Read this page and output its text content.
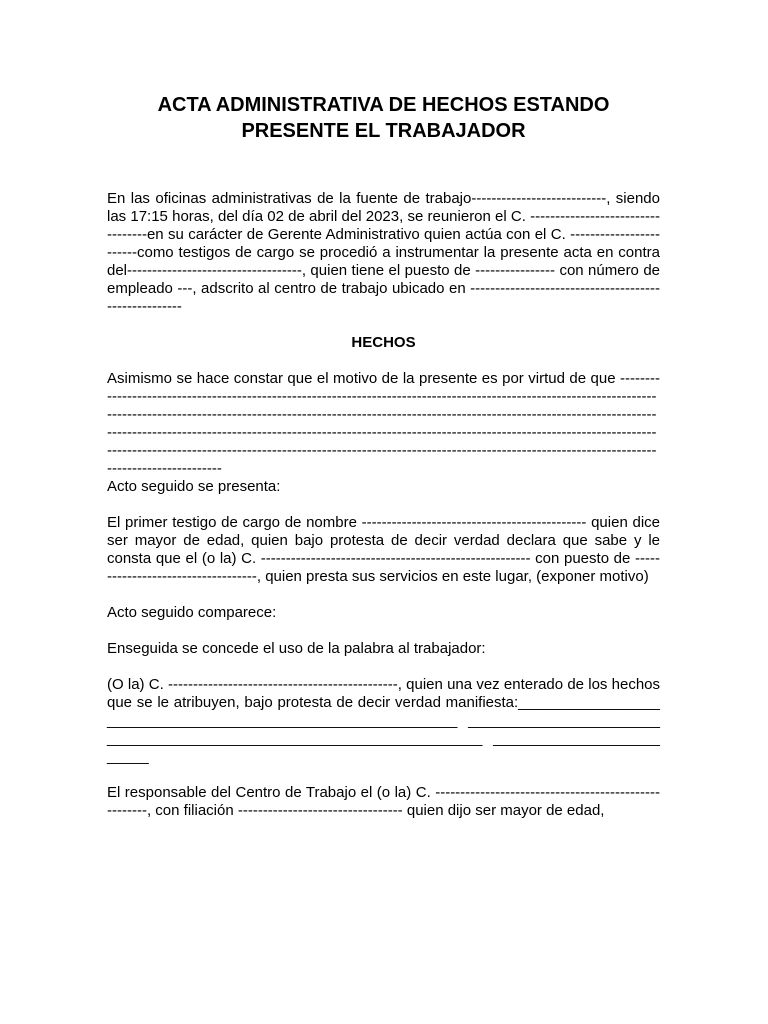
ACTA ADMINISTRATIVA DE HECHOS ESTANDO PRESENTE EL TRABAJADOR

En las oficinas administrativas de la fuente de trabajo---------------------------, siendo las 17:15 horas, del día 02 de abril del 2023, se reunieron el C. ----------------------------------en su carácter de Gerente Administrativo quien actúa con el C. ------------------------como testigos de cargo se procedió a instrumentar la presente acta en contra del-----------------------------------, quien tiene el puesto de ---------------- con número de empleado ---, adscrito al centro de trabajo ubicado en -----------------------------------------------------

HECHOS

Asimismo se hace constar que el motivo de la presente es por virtud de que ---------------------------------------------------------------------------------------------------------------------------------------------------------------------------------------------------------------------------------------------------------------------------------------------------------------------------------------------------------------------------------------------------------------------------------------------------------------------------------------

Acto seguido se presenta:

El primer testigo de cargo de nombre --------------------------------------------- quien dice ser mayor de edad, quien bajo protesta de decir verdad declara que sabe y le consta que el (o la) C. ------------------------------------------------------ con puesto de -----------------------------------, quien presta sus servicios en este lugar, (exponer motivo)

Acto seguido comparece:

Enseguida se concede el uso de la palabra al trabajador:

(O la) C. ----------------------------------------------, quien una vez enterado de los hechos que se le atribuyen, bajo protesta de decir verdad manifiesta:___________________________________________________________ ____________________________________________________________________ _________________________

El responsable del Centro de Trabajo el (o la) C. -----------------------------------------------------, con filiación --------------------------------- quien dijo ser mayor de edad,
